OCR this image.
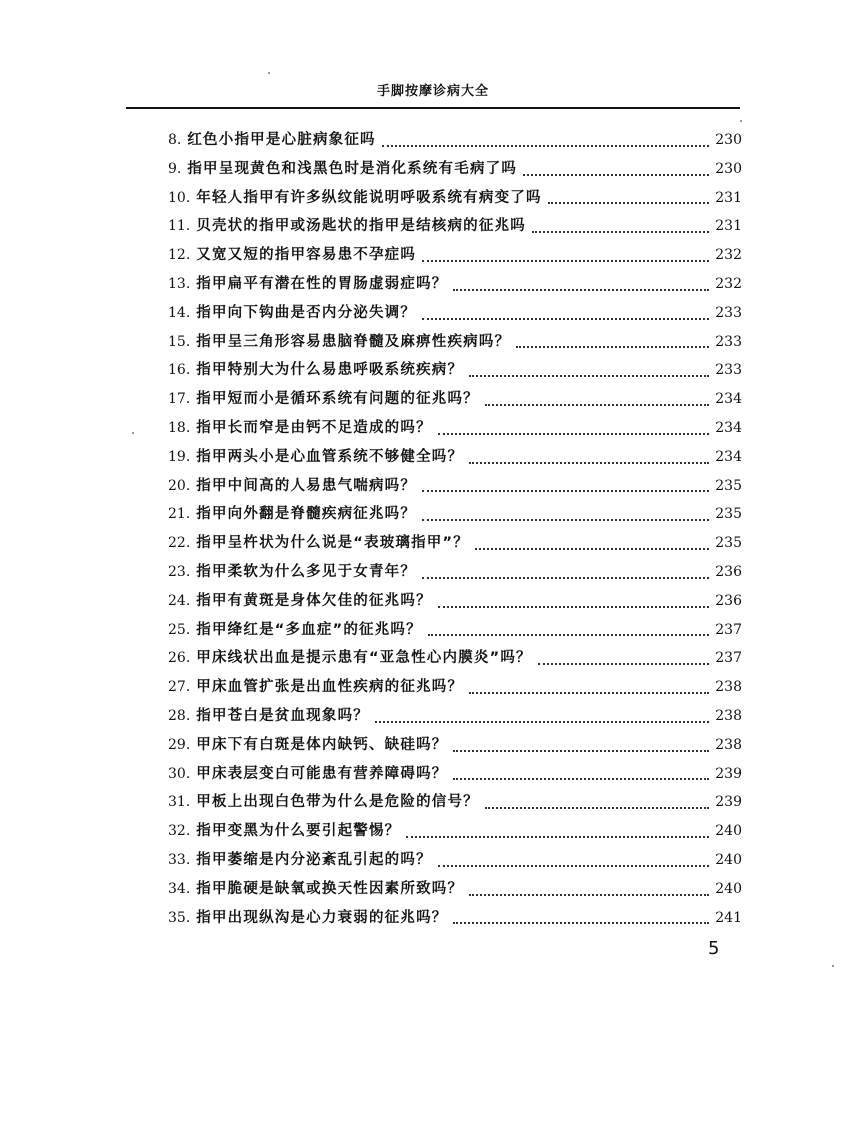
手脚按摩诊病大全
8. 红色小指甲是心脏病象征吗	230
9. 指甲呈现黄色和浅黑色时是消化系统有毛病了吗	230
10. 年轻人指甲有许多纵纹能说明呼吸系统有病变了吗	231
11. 贝壳状的指甲或汤匙状的指甲是结核病的征兆吗	231
12. 又宽又短的指甲容易患不孕症吗	232
13. 指甲扁平有潜在性的胃肠虚弱症吗？	232
14. 指甲向下钩曲是否内分泌失调？	233
15. 指甲呈三角形容易患脑脊髓及麻痹性疾病吗？	233
16. 指甲特别大为什么易患呼吸系统疾病？	233
17. 指甲短而小是循环系统有问题的征兆吗？	234
18. 指甲长而窄是由钙不足造成的吗？	234
19. 指甲两头小是心血管系统不够健全吗？	234
20. 指甲中间高的人易患气喘病吗？	235
21. 指甲向外翻是脊髓疾病征兆吗？	235
22. 指甲呈杵状为什么说是“表玻璃指甲”？	235
23. 指甲柔软为什么多见于女青年？	236
24. 指甲有黄斑是身体欠佳的征兆吗？	236
25. 指甲绛红是“多血症”的征兆吗？	237
26. 甲床线状出血是提示患有“亚急性心内膜炎”吗？	237
27. 甲床血管扩张是出血性疾病的征兆吗？	238
28. 指甲苍白是贫血现象吗？	238
29. 甲床下有白斑是体内缺钙、缺硅吗？	238
30. 甲床表层变白可能患有营养障碍吗？	239
31. 甲板上出现白色带为什么是危险的信号？	239
32. 指甲变黑为什么要引起警惕？	240
33. 指甲萎缩是内分泌紊乱引起的吗？	240
34. 指甲脆硬是缺氧或换天性因素所致吗？	240
35. 指甲出现纵沟是心力衰弱的征兆吗？	241
5
